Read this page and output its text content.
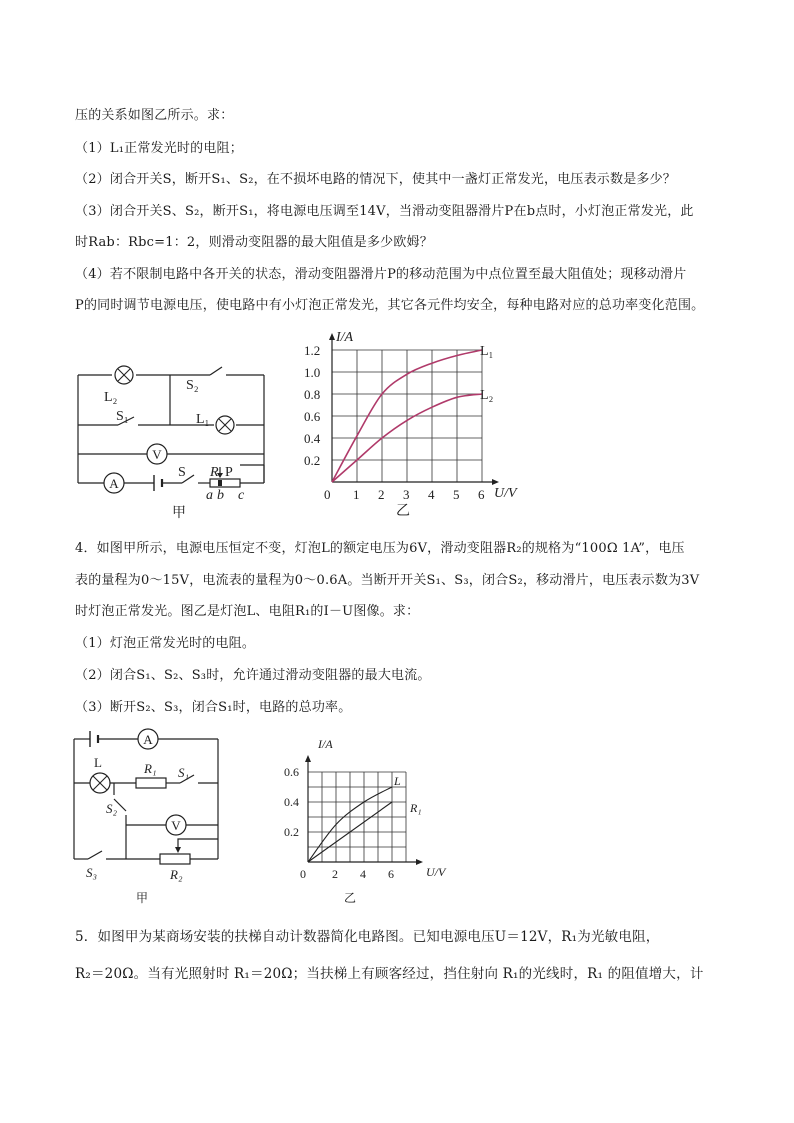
压的关系如图乙所示。求：
（1）L₁正常发光时的电阻；
（2）闭合开关S，断开S₁、S₂，在不损坏电路的情况下，使其中一盏灯正常发光，电压表示数是多少？
（3）闭合开关S、S₂，断开S₁，将电源电压调至14V，当滑动变阻器滑片P在b点时，小灯泡正常发光，此
时Rab：Rbc=1：2，则滑动变阻器的最大阻值是多少欧姆？
（4）若不限制电路中各开关的状态，滑动变阻器滑片P的移动范围为中点位置至最大阻值处；现移动滑片
P的同时调节电源电压，使电路中有小灯泡正常发光，其它各元件均安全，每种电路对应的总功率变化范围。
V
A
L₂
S₂
S₁	L₁
S R P
a b c
甲
1.2
1.0
0.8
0.6
0.4
0.2
0 1 2 3 4 5 6
I/A
U/V
L₁
L₂
乙
4．如图甲所示，电源电压恒定不变，灯泡L的额定电压为6V，滑动变阻器R₂的规格为“100Ω 1A”，电压
表的量程为0～15V，电流表的量程为0～0.6A。当断开开关S₁、S₃，闭合S₂，移动滑片，电压表示数为3V
时灯泡正常发光。图乙是灯泡L、电阻R₁的I－U图像。求：
（1）灯泡正常发光时的电阻。
（2）闭合S₁、S₂、S₃时，允许通过滑动变阻器的最大电流。
（3）断开S₂、S₃，闭合S₁时，电路的总功率。
A
V
L	R₁ S₁
S₂
S₃	R₂
甲
0.6
0.4
0.2
0 2 4 6
I/A
U/V
L
R₁
乙
5．如图甲为某商场安装的扶梯自动计数器简化电路图。已知电源电压U＝12V，R₁为光敏电阻，
R₂＝20Ω。当有光照射时 R₁＝20Ω；当扶梯上有顾客经过，挡住射向 R₁的光线时，R₁ 的阻值增大，计
